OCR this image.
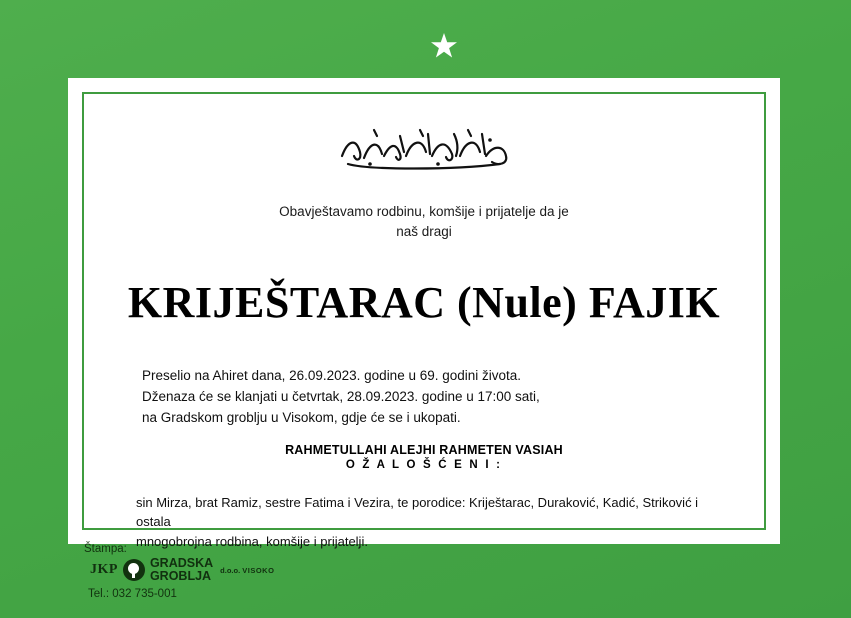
Obavještavamo rodbinu, komšije i prijatelje da je
naš dragi
KRIJEŠTARAC (Nule) FAJIK
Preselio na Ahiret dana, 26.09.2023. godine u 69. godini života.
Dženaza će se klanjati u četvrtak, 28.09.2023. godine u 17:00 sati,
na Gradskom groblju u Visokom, gdje će se i ukopati.
RAHMETULLAHI ALEJHI RAHMETEN VASIAH
O Ž A L O Š Ć E N I :
sin Mirza, brat Ramiz, sestre Fatima i Vezira, te porodice: Kriještarac, Duraković, Kadić, Striković i ostala
mnogobrojna rodbina, komšije i prijatelji.
Štampa:
JKP	GRADSKA
GROBLJA d.o.o. VISOKO
Tel.: 032 735-001
